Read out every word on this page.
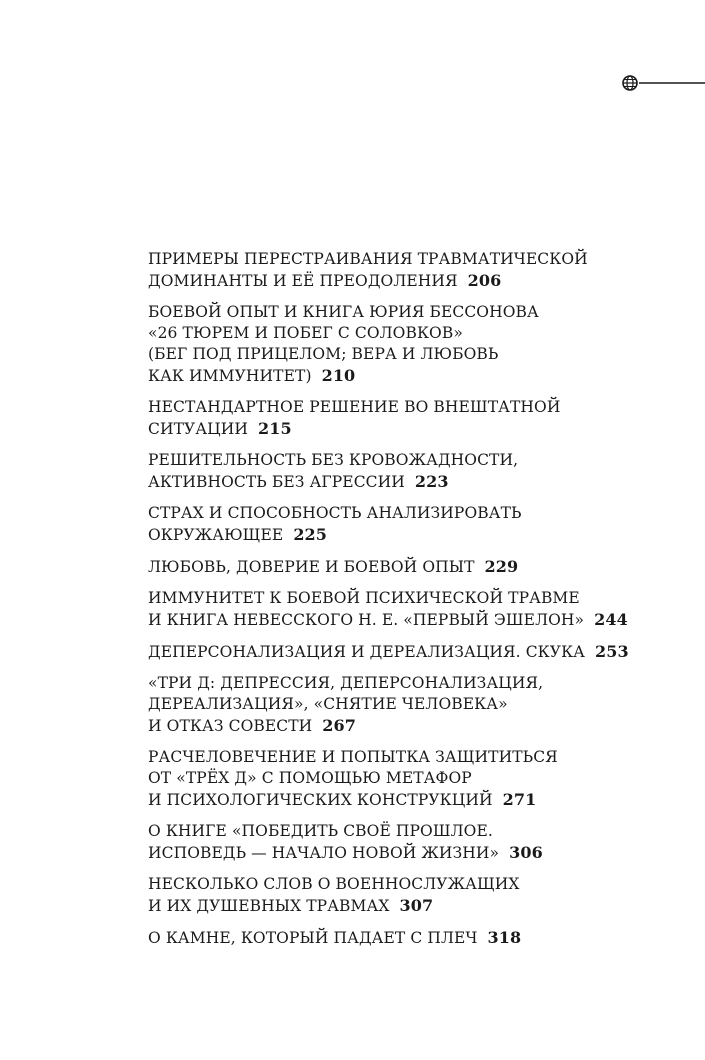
ПРИМЕРЫ ПЕРЕСТРАИВАНИЯ ТРАВМАТИЧЕСКОЙ
ДОМИНАНТЫ И ЕЁ ПРЕОДОЛЕНИЯ 206
БОЕВОЙ ОПЫТ И КНИГА ЮРИЯ БЕССОНОВА
«26 ТЮРЕМ И ПОБЕГ С СОЛОВКОВ»
(БЕГ ПОД ПРИЦЕЛОМ; ВЕРА И ЛЮБОВЬ
КАК ИММУНИТЕТ) 210
НЕСТАНДАРТНОЕ РЕШЕНИЕ ВО ВНЕШТАТНОЙ
СИТУАЦИИ 215
РЕШИТЕЛЬНОСТЬ БЕЗ КРОВОЖАДНОСТИ,
АКТИВНОСТЬ БЕЗ АГРЕССИИ 223
СТРАХ И СПОСОБНОСТЬ АНАЛИЗИРОВАТЬ
ОКРУЖАЮЩЕЕ 225
ЛЮБОВЬ, ДОВЕРИЕ И БОЕВОЙ ОПЫТ 229
ИММУНИТЕТ К БОЕВОЙ ПСИХИЧЕСКОЙ ТРАВМЕ
И КНИГА НЕВЕССКОГО Н. Е. «ПЕРВЫЙ ЭШЕЛОН» 244
ДЕПЕРСОНАЛИЗАЦИЯ И ДЕРЕАЛИЗАЦИЯ. СКУКА 253
«ТРИ Д: ДЕПРЕССИЯ, ДЕПЕРСОНАЛИЗАЦИЯ,
ДЕРЕАЛИЗАЦИЯ», «СНЯТИЕ ЧЕЛОВЕКА»
И ОТКАЗ СОВЕСТИ 267
РАСЧЕЛОВЕЧЕНИЕ И ПОПЫТКА ЗАЩИТИТЬСЯ
ОТ «ТРЁХ Д» С ПОМОЩЬЮ МЕТАФОР
И ПСИХОЛОГИЧЕСКИХ КОНСТРУКЦИЙ 271
О КНИГЕ «ПОБЕДИТЬ СВОЁ ПРОШЛОЕ.
ИСПОВЕДЬ — НАЧАЛО НОВОЙ ЖИЗНИ» 306
НЕСКОЛЬКО СЛОВ О ВОЕННОСЛУЖАЩИХ
И ИХ ДУШЕВНЫХ ТРАВМАХ 307
О КАМНЕ, КОТОРЫЙ ПАДАЕТ С ПЛЕЧ 318
